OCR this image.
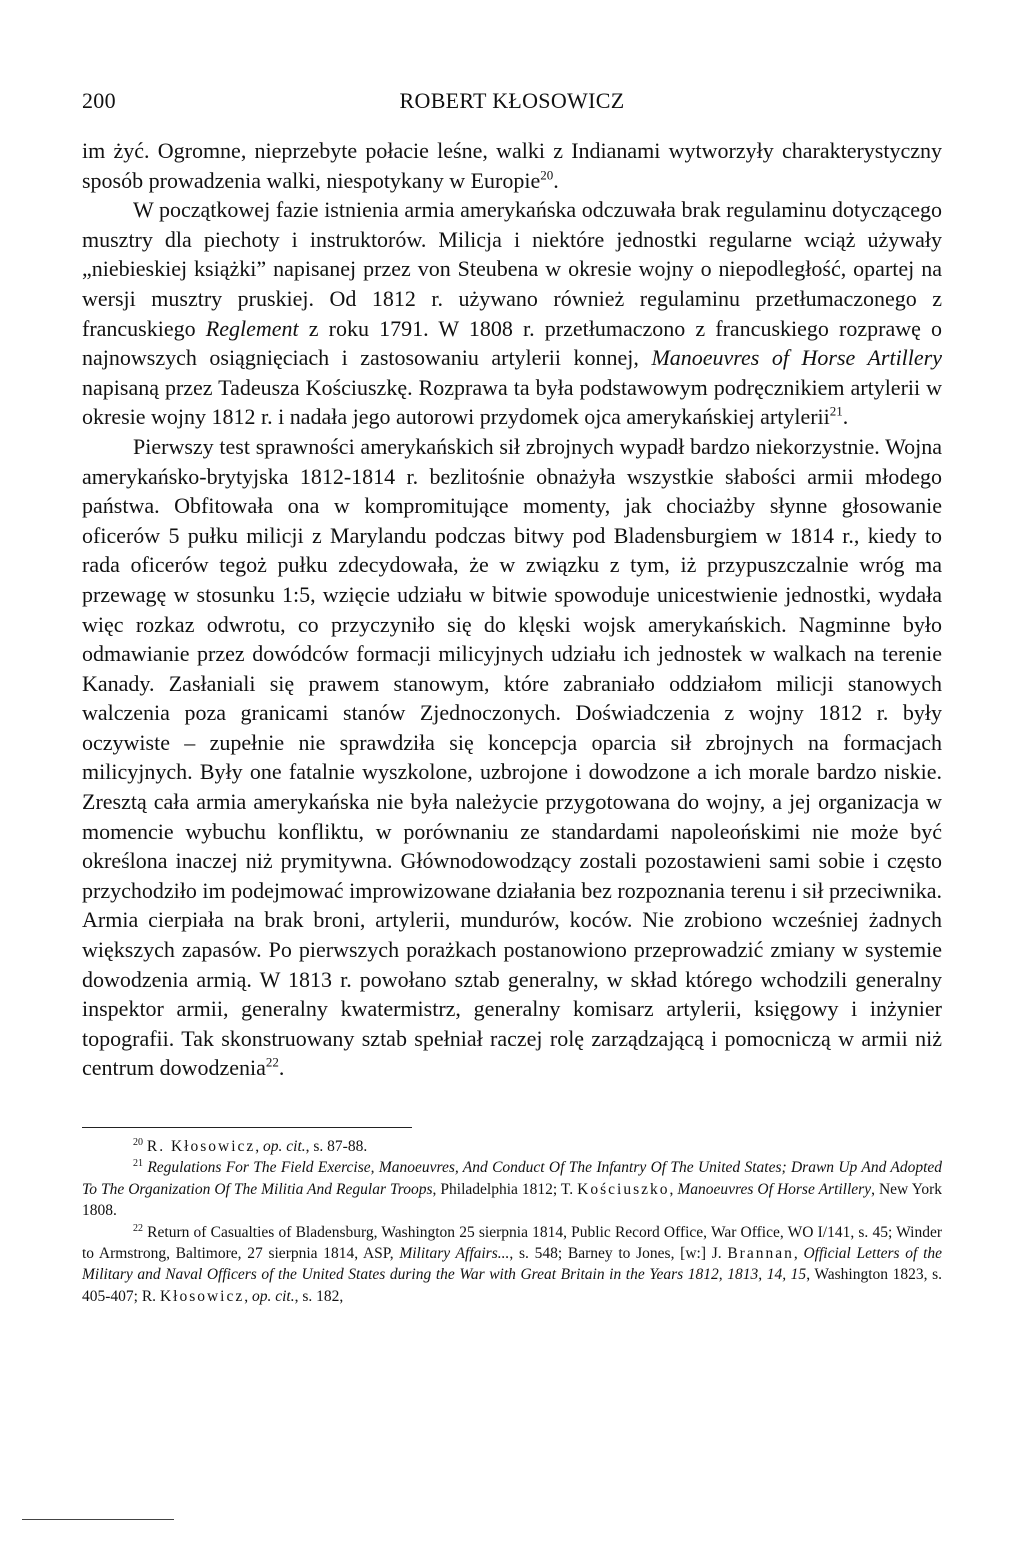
200	ROBERT KŁOSOWICZ

im żyć. Ogromne, nieprzebyte połacie leśne, walki z Indianami wytworzyły charakterystyczny sposób prowadzenia walki, niespotykany w Europie$^{20}$.

W początkowej fazie istnienia armia amerykańska odczuwała brak regulaminu dotyczącego musztry dla piechoty i instruktorów. Milicja i niektóre jednostki regularne wciąż używały „niebieskiej książki” napisanej przez von Steubena w okresie wojny o niepodległość, opartej na wersji musztry pruskiej. Od 1812 r. używano również regulaminu przetłumaczonego z francuskiego Reglement z roku 1791. W 1808 r. przetłumaczono z francuskiego rozprawę o najnowszych osiągnięciach i zastosowaniu artylerii konnej, Manoeuvres of Horse Artillery napisaną przez Tadeusza Kościuszkę. Rozprawa ta była podstawowym podręcznikiem artylerii w okresie wojny 1812 r. i nadała jego autorowi przydomek ojca amerykańskiej artylerii$^{21}$.

Pierwszy test sprawności amerykańskich sił zbrojnych wypadł bardzo niekorzystnie. Wojna amerykańsko-brytyjska 1812-1814 r. bezlitośnie obnażyła wszystkie słabości armii młodego państwa. Obfitowała ona w kompromitujące momenty, jak chociażby słynne głosowanie oficerów 5 pułku milicji z Marylandu podczas bitwy pod Bladensburgiem w 1814 r., kiedy to rada oficerów tegoż pułku zdecydowała, że w związku z tym, iż przypuszczalnie wróg ma przewagę w stosunku 1:5, wzięcie udziału w bitwie spowoduje unicestwienie jednostki, wydała więc rozkaz odwrotu, co przyczyniło się do klęski wojsk amerykańskich. Nagminne było odmawianie przez dowódców formacji milicyjnych udziału ich jednostek w walkach na terenie Kanady. Zasłaniali się prawem stanowym, które zabraniało oddziałom milicji stanowych walczenia poza granicami stanów Zjednoczonych. Doświadczenia z wojny 1812 r. były oczywiste – zupełnie nie sprawdziła się koncepcja oparcia sił zbrojnych na formacjach milicyjnych. Były one fatalnie wyszkolone, uzbrojone i dowodzone a ich morale bardzo niskie. Zresztą cała armia amerykańska nie była należycie przygotowana do wojny, a jej organizacja w momencie wybuchu konfliktu, w porównaniu ze standardami napoleońskimi nie może być określona inaczej niż prymitywna. Głównodowodzący zostali pozostawieni sami sobie i często przychodziło im podejmować improwizowane działania bez rozpoznania terenu i sił przeciwnika. Armia cierpiała na brak broni, artylerii, mundurów, koców. Nie zrobiono wcześniej żadnych większych zapasów. Po pierwszych porażkach postanowiono przeprowadzić zmiany w systemie dowodzenia armią. W 1813 r. powołano sztab generalny, w skład którego wchodzili generalny inspektor armii, generalny kwatermistrz, generalny komisarz artylerii, księgowy i inżynier topografii. Tak skonstruowany sztab spełniał raczej rolę zarządzającą i pomocniczą w armii niż centrum dowodzenia$^{22}$.

$^{20}$ R. Kłosowicz, op. cit., s. 87-88.

$^{21}$ Regulations For The Field Exercise, Manoeuvres, And Conduct Of The Infantry Of The United States; Drawn Up And Adopted To The Organization Of The Militia And Regular Troops, Philadelphia 1812; T. Kościuszko, Manoeuvres Of Horse Artillery, New York 1808.

$^{22}$ Return of Casualties of Bladensburg, Washington 25 sierpnia 1814, Public Record Office, War Office, WO I/141, s. 45; Winder to Armstrong, Baltimore, 27 sierpnia 1814, ASP, Military Affairs..., s. 548; Barney to Jones, [w:] J. Brannan, Official Letters of the Military and Naval Officers of the United States during the War with Great Britain in the Years 1812, 1813, 14, 15, Washington 1823, s. 405-407; R. Kłosowicz, op. cit., s. 182,
